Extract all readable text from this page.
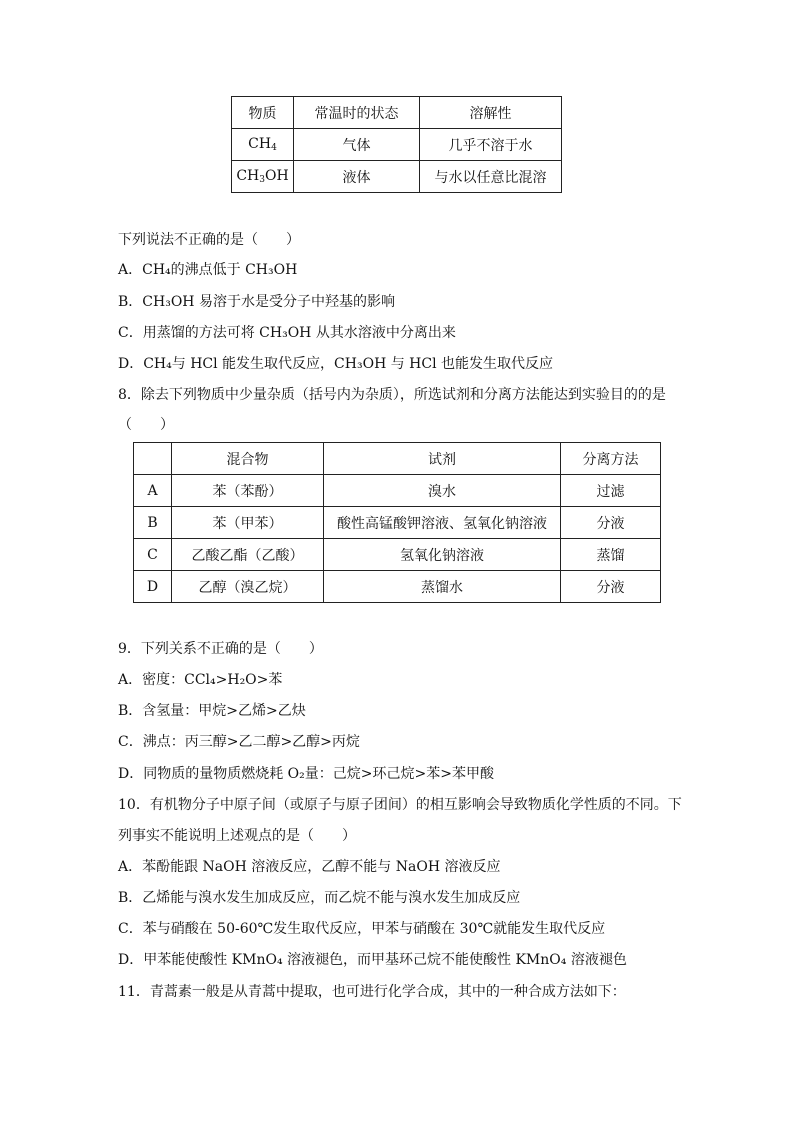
物质	常温时的状态	溶解性
$CH_4$	气体	几乎不溶于水
$CH_3OH$	液体	与水以任意比混溶
下列说法不正确的是（　　）
A．CH₄的沸点低于 CH₃OH
B．CH₃OH 易溶于水是受分子中羟基的影响
C．用蒸馏的方法可将 CH₃OH 从其水溶液中分离出来
D．CH₄与 HCl 能发生取代反应，CH₃OH 与 HCl 也能发生取代反应
8．除去下列物质中少量杂质（括号内为杂质），所选试剂和分离方法能达到实验目的的是
（　　）
	混合物	试剂	分离方法
A	苯（苯酚）	溴水	过滤
B	苯（甲苯）	酸性高锰酸钾溶液、氢氧化钠溶液	分液
C	乙酸乙酯（乙酸）	氢氧化钠溶液	蒸馏
D	乙醇（溴乙烷）	蒸馏水	分液
9．下列关系不正确的是（　　）
A．密度：CCl₄>H₂O>苯
B．含氢量：甲烷>乙烯>乙炔
C．沸点：丙三醇>乙二醇>乙醇>丙烷
D．同物质的量物质燃烧耗 O₂量：己烷>环己烷>苯>苯甲酸
10．有机物分子中原子间（或原子与原子团间）的相互影响会导致物质化学性质的不同。下
列事实不能说明上述观点的是（　　）
A．苯酚能跟 NaOH 溶液反应，乙醇不能与 NaOH 溶液反应
B．乙烯能与溴水发生加成反应，而乙烷不能与溴水发生加成反应
C．苯与硝酸在 50-60℃发生取代反应，甲苯与硝酸在 30℃就能发生取代反应
D．甲苯能使酸性 KMnO₄ 溶液褪色，而甲基环己烷不能使酸性 KMnO₄ 溶液褪色
11．青蒿素一般是从青蒿中提取，也可进行化学合成，其中的一种合成方法如下：
